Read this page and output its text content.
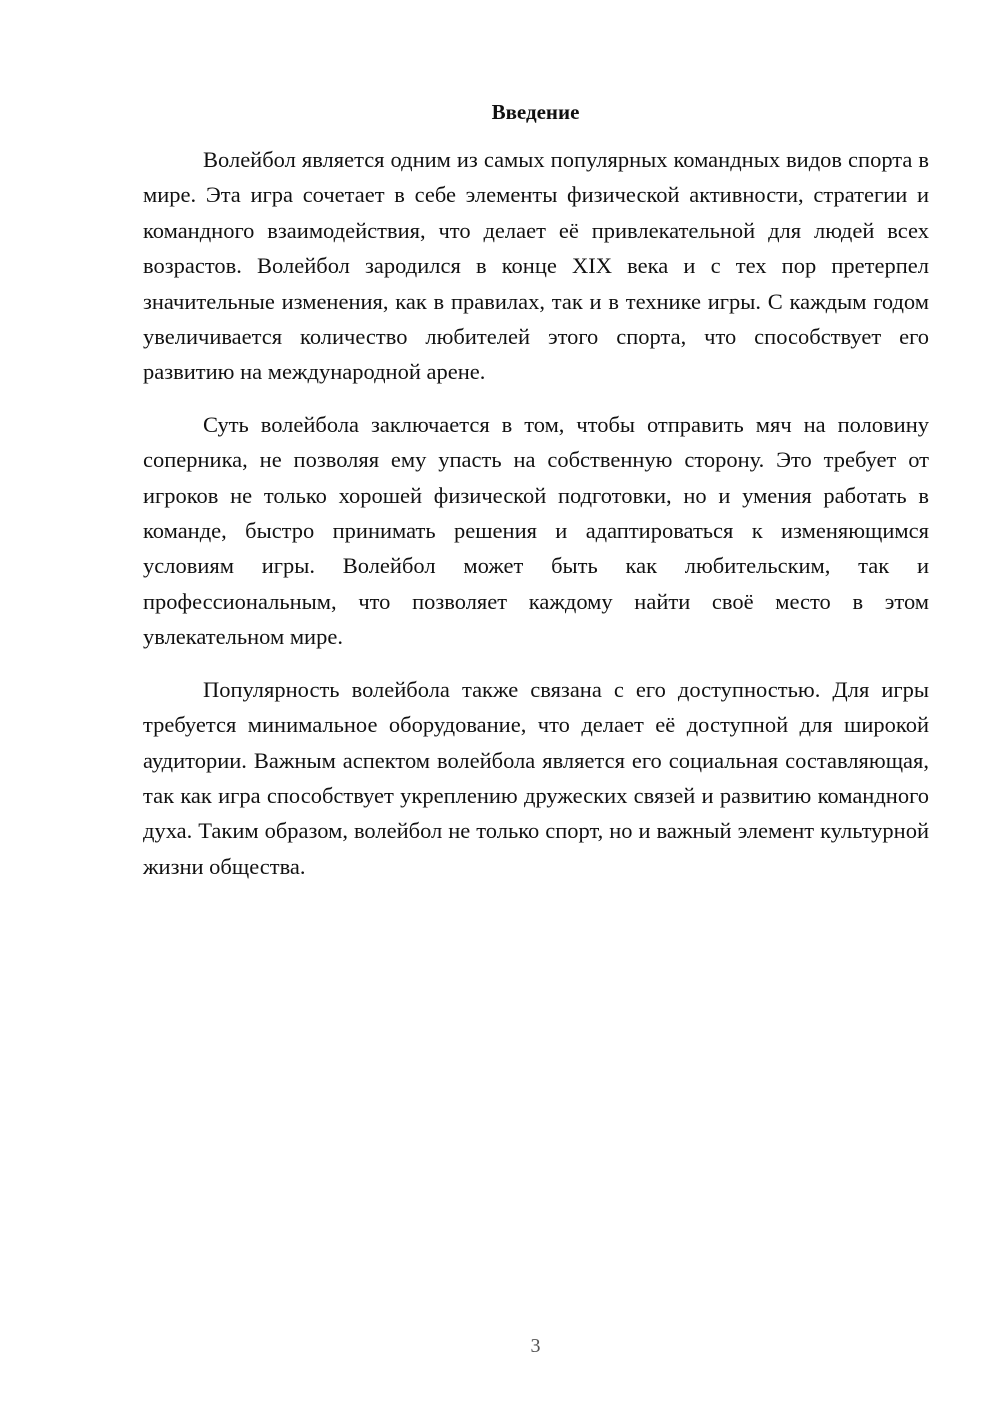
Введение

Волейбол является одним из самых популярных командных видов спорта в мире. Эта игра сочетает в себе элементы физической активности, стратегии и командного взаимодействия, что делает её привлекательной для людей всех возрастов. Волейбол зародился в конце XIX века и с тех пор претерпел значительные изменения, как в правилах, так и в технике игры. С каждым годом увеличивается количество любителей этого спорта, что способствует его развитию на международной арене.

Суть волейбола заключается в том, чтобы отправить мяч на половину соперника, не позволяя ему упасть на собственную сторону. Это требует от игроков не только хорошей физической подготовки, но и умения работать в команде, быстро принимать решения и адаптироваться к изменяющимся условиям игры. Волейбол может быть как любительским, так и профессиональным, что позволяет каждому найти своё место в этом увлекательном мире.

Популярность волейбола также связана с его доступностью. Для игры требуется минимальное оборудование, что делает её доступной для широкой аудитории. Важным аспектом волейбола является его социальная составляющая, так как игра способствует укреплению дружеских связей и развитию командного духа. Таким образом, волейбол не только спорт, но и важный элемент культурной жизни общества.

3
